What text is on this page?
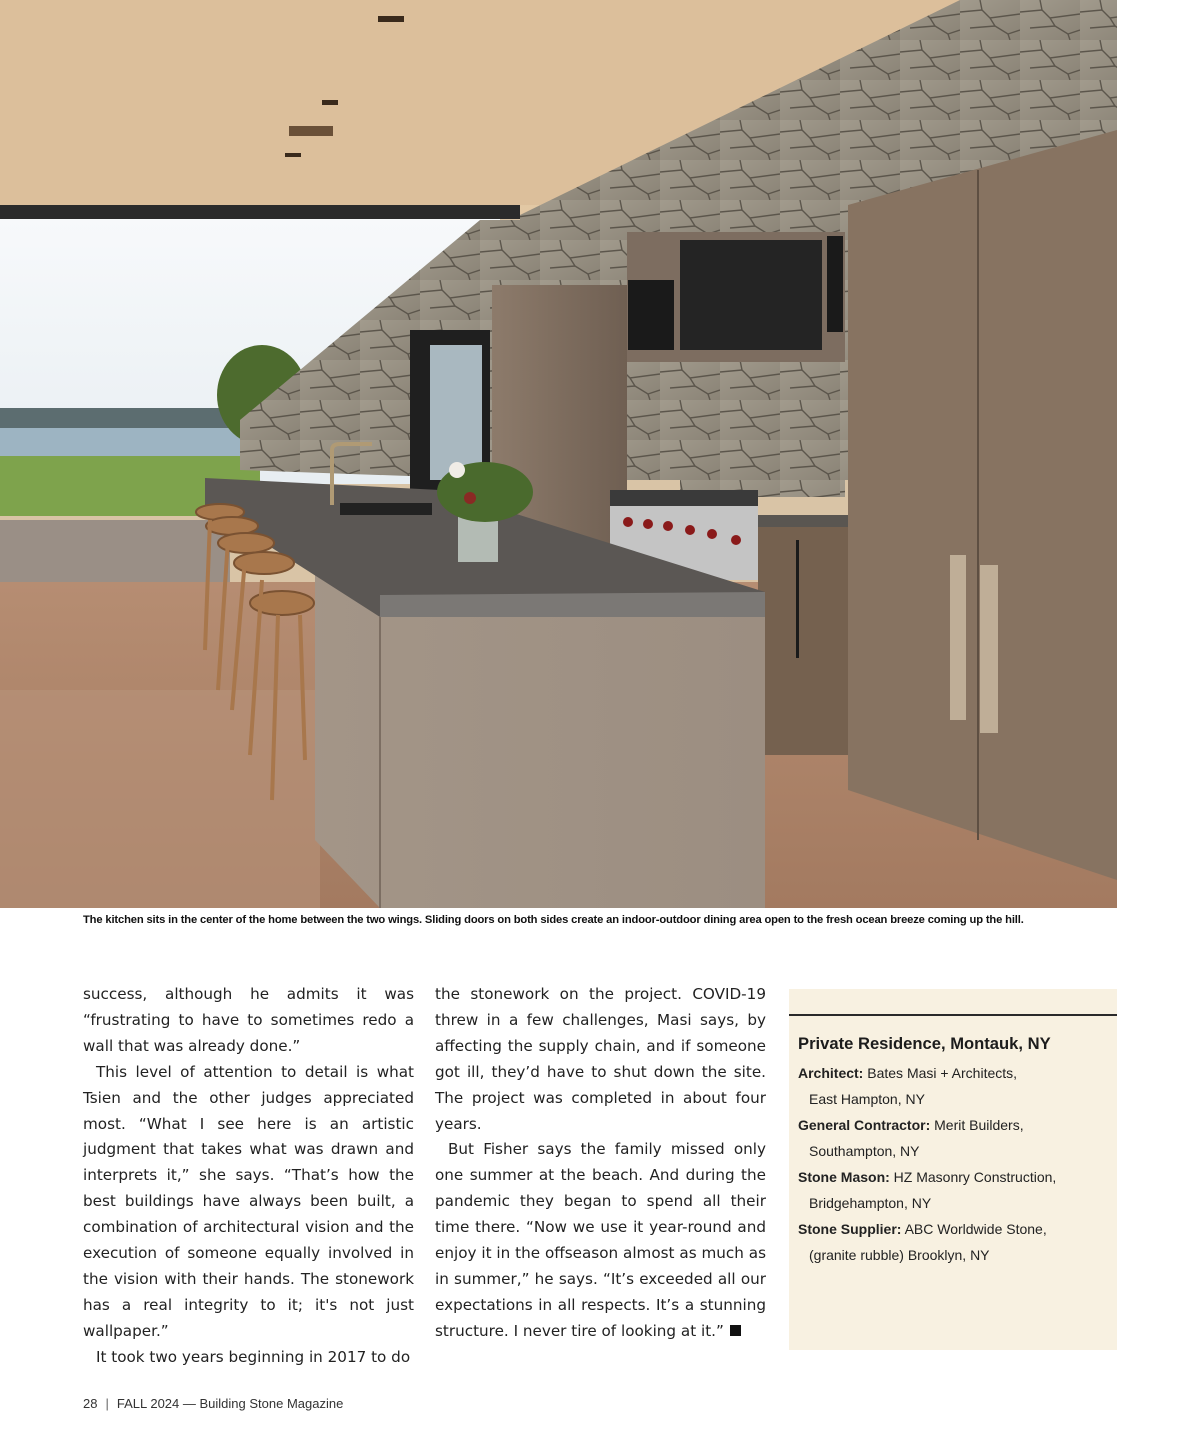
The kitchen sits in the center of the home between the two wings. Sliding doors on both sides create an indoor-outdoor dining area open to the fresh ocean breeze coming up the hill.

success, although he admits it was “frustrating to have to sometimes redo a wall that was already done.”

This level of attention to detail is what Tsien and the other judges appreciated most. “What I see here is an artistic judgment that takes what was drawn and interprets it,” she says. “That’s how the best buildings have always been built, a combination of architectural vision and the execution of someone equally involved in the vision with their hands. The stonework has a real integrity to it; it's not just wallpaper.”

It took two years beginning in 2017 to do

the stonework on the project. COVID-19 threw in a few challenges, Masi says, by affecting the supply chain, and if someone got ill, they’d have to shut down the site. The project was completed in about four years.

But Fisher says the family missed only one summer at the beach. And during the pandemic they began to spend all their time there. “Now we use it year-round and enjoy it in the offseason almost as much as in summer,” he says. “It’s exceeded all our expectations in all respects. It’s a stunning structure. I never tire of looking at it.”

Private Residence, Montauk, NY
Architect: Bates Masi + Architects,
East Hampton, NY
General Contractor: Merit Builders,
Southampton, NY
Stone Mason: HZ Masonry Construction,
Bridgehampton, NY
Stone Supplier: ABC Worldwide Stone,
(granite rubble) Brooklyn, NY
28 | FALL 2024 — Building Stone Magazine
